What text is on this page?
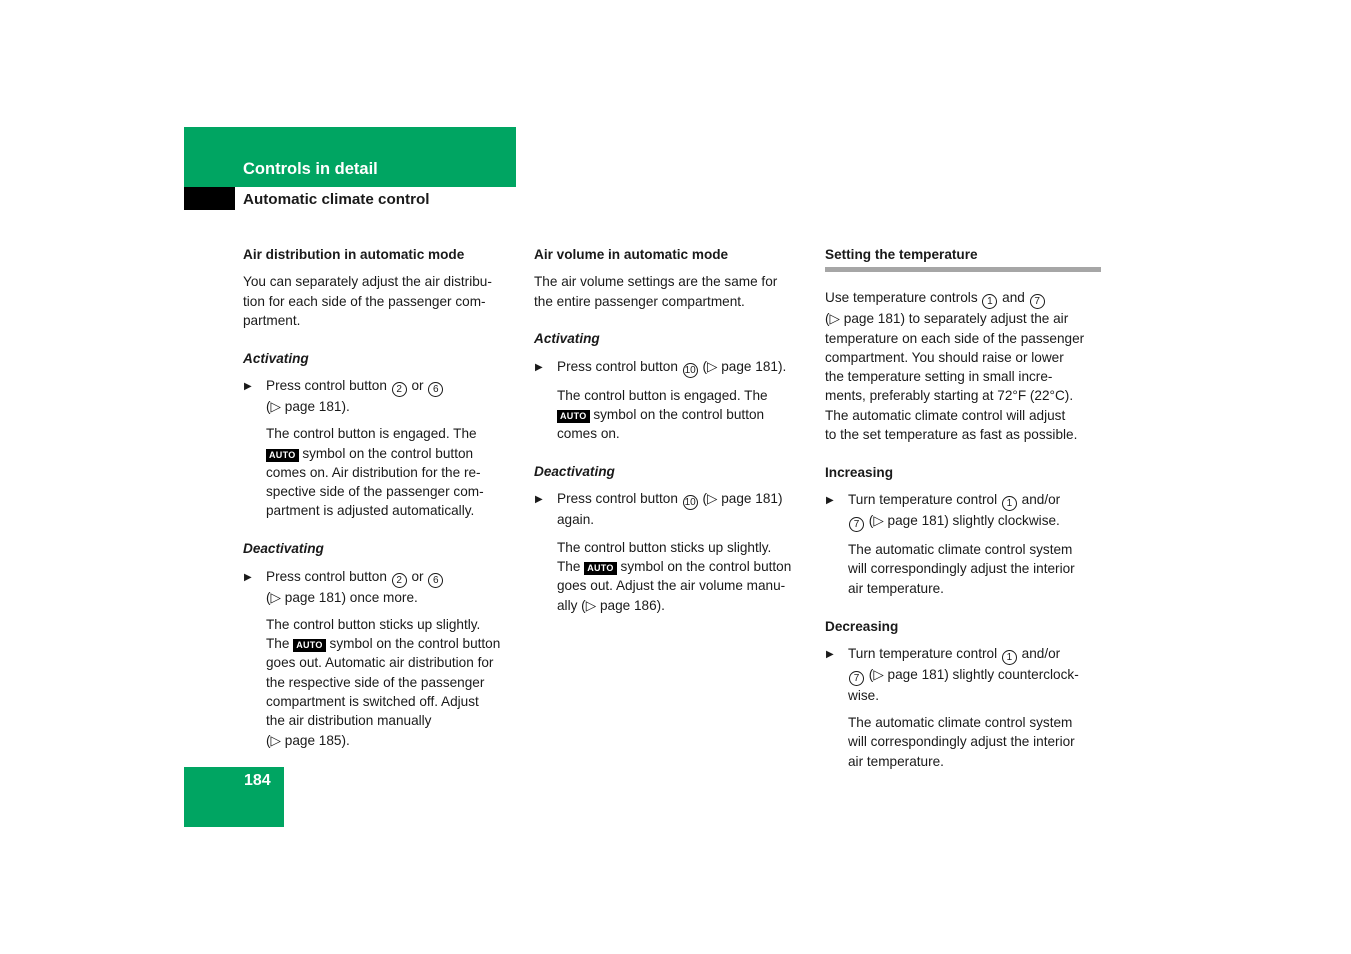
Controls in detail
Automatic climate control
Air distribution in automatic mode
You can separately adjust the air distribu-
tion for each side of the passenger com-
partment.
Activating
▶ Press control button 2 or 6
(▷ page 181).
The control button is engaged. The
AUTO symbol on the control button
comes on. Air distribution for the re-
spective side of the passenger com-
partment is adjusted automatically.
Deactivating
▶ Press control button 2 or 6
(▷ page 181) once more.
The control button sticks up slightly.
The AUTO symbol on the control button
goes out. Automatic air distribution for
the respective side of the passenger
compartment is switched off. Adjust
the air distribution manually
(▷ page 185).
Air volume in automatic mode
The air volume settings are the same for
the entire passenger compartment.
Activating
▶ Press control button 10 (▷ page 181).
The control button is engaged. The
AUTO symbol on the control button
comes on.
Deactivating
▶ Press control button 10 (▷ page 181)
again.
The control button sticks up slightly.
The AUTO symbol on the control button
goes out. Adjust the air volume manu-
ally (▷ page 186).
Setting the temperature
Use temperature controls 1 and 7
(▷ page 181) to separately adjust the air
temperature on each side of the passenger
compartment. You should raise or lower
the temperature setting in small incre-
ments, preferably starting at 72°F (22°C).
The automatic climate control will adjust
to the set temperature as fast as possible.
Increasing
▶ Turn temperature control 1 and/or
7 (▷ page 181) slightly clockwise.
The automatic climate control system
will correspondingly adjust the interior
air temperature.
Decreasing
▶ Turn temperature control 1 and/or
7 (▷ page 181) slightly counterclock-
wise.
The automatic climate control system
will correspondingly adjust the interior
air temperature.
184
